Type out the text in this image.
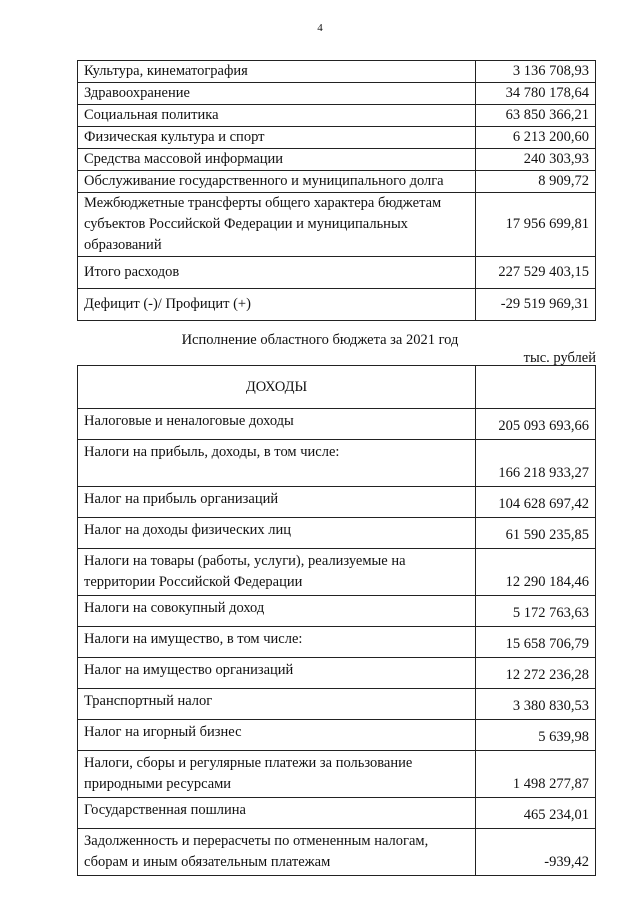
4
Культура, кинематография	3 136 708,93
Здравоохранение	34 780 178,64
Социальная политика	63 850 366,21
Физическая культура и спорт	6 213 200,60
Средства массовой информации	240 303,93
Обслуживание государственного и муниципального долга	8 909,72
Межбюджетные трансферты общего характера бюджетам субъектов Российской Федерации и муниципальных образований	17 956 699,81
Итого расходов	227 529 403,15
Дефицит (-)/ Профицит (+)	-29 519 969,31
Исполнение областного бюджета за 2021 год
тыс. рублей
ДОХОДЫ	
Налоговые и неналоговые доходы	205 093 693,66
Налоги на прибыль, доходы, в том числе:	166 218 933,27
Налог на прибыль организаций	104 628 697,42
Налог на доходы физических лиц	61 590 235,85
Налоги на товары (работы, услуги), реализуемые на территории Российской Федерации	12 290 184,46
Налоги на совокупный доход	5 172 763,63
Налоги на имущество, в том числе:	15 658 706,79
Налог на имущество организаций	12 272 236,28
Транспортный налог	3 380 830,53
Налог на игорный бизнес	5 639,98
Налоги, сборы и регулярные платежи за пользование природными ресурсами	1 498 277,87
Государственная пошлина	465 234,01
Задолженность и перерасчеты по отмененным налогам, сборам и иным обязательным платежам	-939,42
